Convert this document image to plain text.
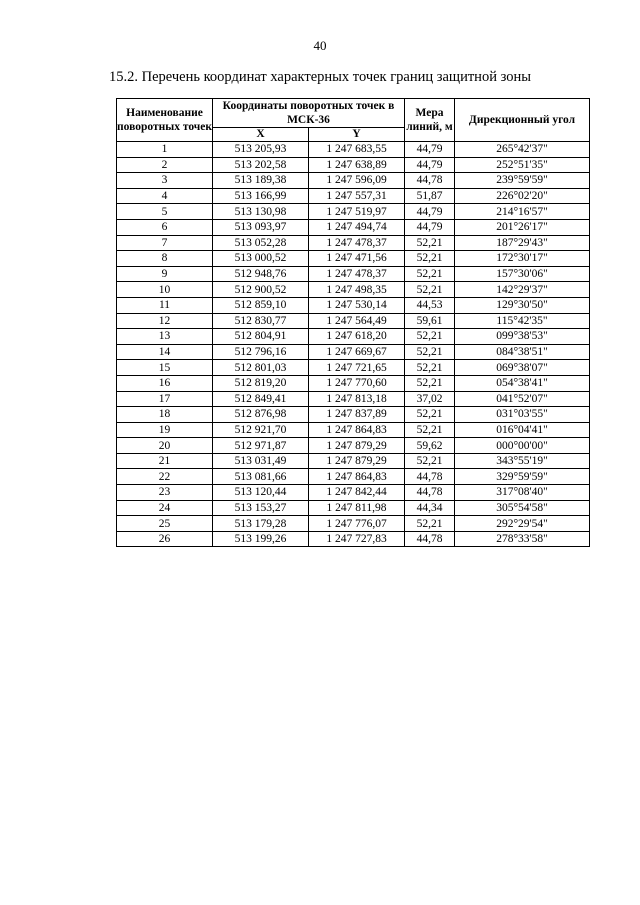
40
15.2. Перечень координат характерных точек границ защитной зоны
Наименование поворотных точек	Координаты поворотных точек в МСК-36		Мера линий, м	Дирекционный угол
	X	Y		
1	513 205,93	1 247 683,55	44,79	265°42'37"
2	513 202,58	1 247 638,89	44,79	252°51'35"
3	513 189,38	1 247 596,09	44,78	239°59'59"
4	513 166,99	1 247 557,31	51,87	226°02'20"
5	513 130,98	1 247 519,97	44,79	214°16'57"
6	513 093,97	1 247 494,74	44,79	201°26'17"
7	513 052,28	1 247 478,37	52,21	187°29'43"
8	513 000,52	1 247 471,56	52,21	172°30'17"
9	512 948,76	1 247 478,37	52,21	157°30'06"
10	512 900,52	1 247 498,35	52,21	142°29'37"
11	512 859,10	1 247 530,14	44,53	129°30'50"
12	512 830,77	1 247 564,49	59,61	115°42'35"
13	512 804,91	1 247 618,20	52,21	099°38'53"
14	512 796,16	1 247 669,67	52,21	084°38'51"
15	512 801,03	1 247 721,65	52,21	069°38'07"
16	512 819,20	1 247 770,60	52,21	054°38'41"
17	512 849,41	1 247 813,18	37,02	041°52'07"
18	512 876,98	1 247 837,89	52,21	031°03'55"
19	512 921,70	1 247 864,83	52,21	016°04'41"
20	512 971,87	1 247 879,29	59,62	000°00'00"
21	513 031,49	1 247 879,29	52,21	343°55'19"
22	513 081,66	1 247 864,83	44,78	329°59'59"
23	513 120,44	1 247 842,44	44,78	317°08'40"
24	513 153,27	1 247 811,98	44,34	305°54'58"
25	513 179,28	1 247 776,07	52,21	292°29'54"
26	513 199,26	1 247 727,83	44,78	278°33'58"
